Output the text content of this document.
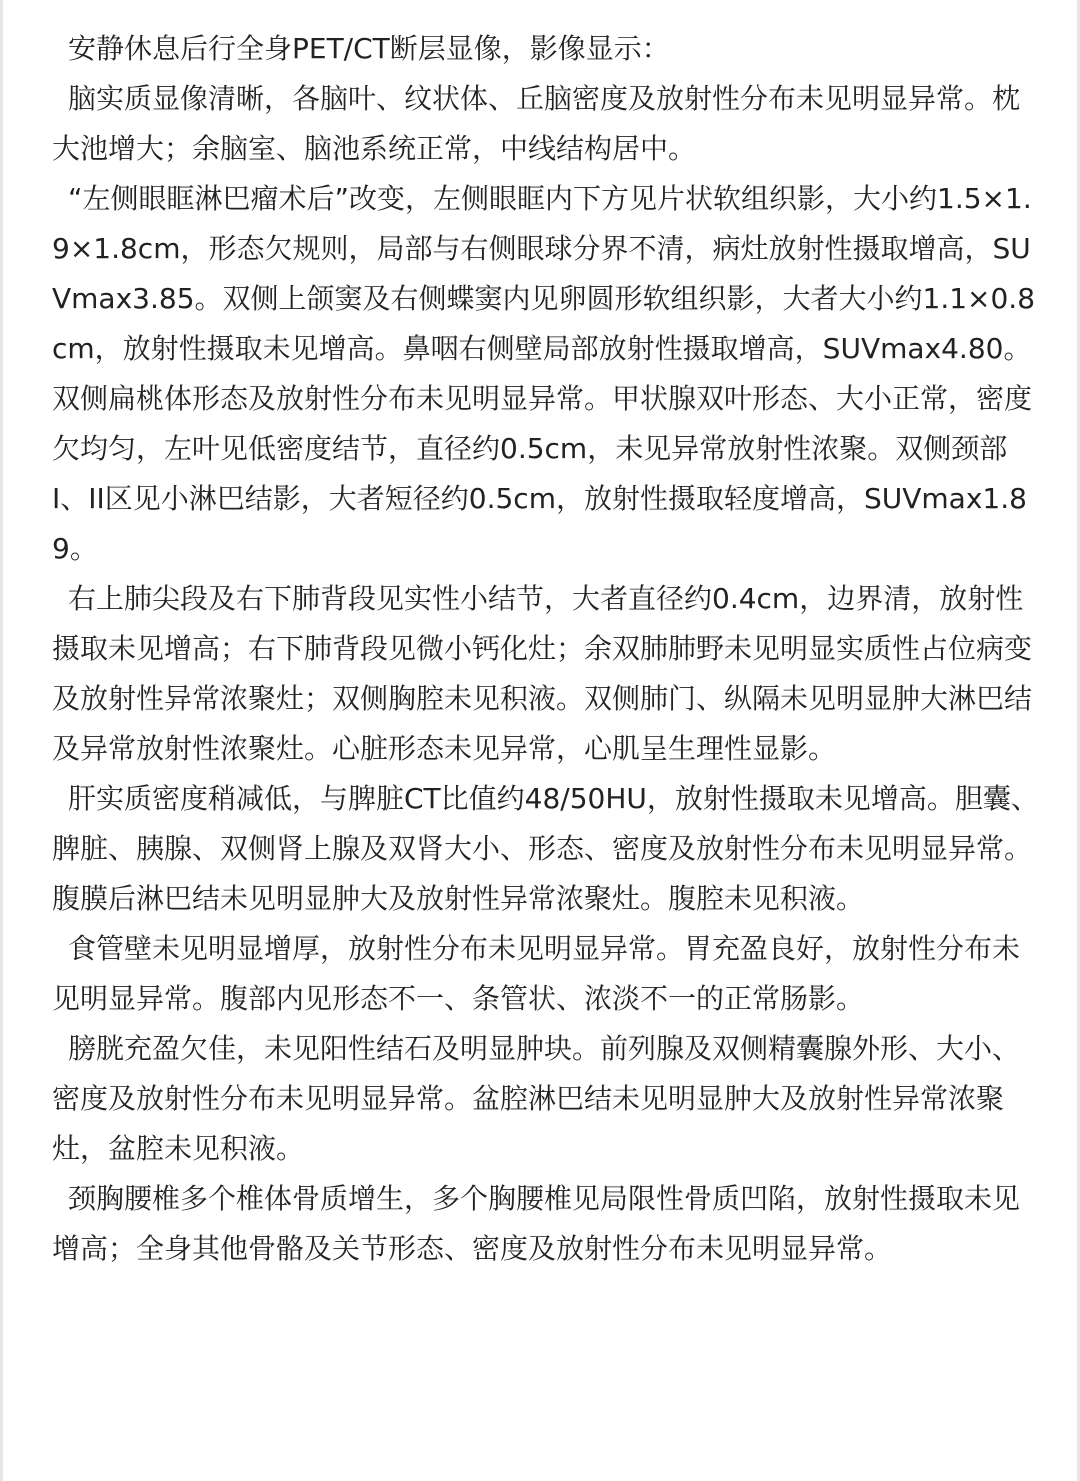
安静休息后行全身PET/CT断层显像，影像显示：

脑实质显像清晰，各脑叶、纹状体、丘脑密度及放射性分布未见明显异常。枕大池增大；余脑室、脑池系统正常，中线结构居中。

“左侧眼眶淋巴瘤术后”改变，左侧眼眶内下方见片状软组织影，大小约1.5×1.9×1.8cm，形态欠规则，局部与右侧眼球分界不清，病灶放射性摄取增高，SUVmax3.85。双侧上颌窦及右侧蝶窦内见卵圆形软组织影，大者大小约1.1×0.8cm，放射性摄取未见增高。鼻咽右侧壁局部放射性摄取增高，SUVmax4.80。双侧扁桃体形态及放射性分布未见明显异常。甲状腺双叶形态、大小正常，密度欠均匀，左叶见低密度结节，直径约0.5cm，未见异常放射性浓聚。双侧颈部I、II区见小淋巴结影，大者短径约0.5cm，放射性摄取轻度增高，SUVmax1.89。

右上肺尖段及右下肺背段见实性小结节，大者直径约0.4cm，边界清，放射性摄取未见增高；右下肺背段见微小钙化灶；余双肺肺野未见明显实质性占位病变及放射性异常浓聚灶；双侧胸腔未见积液。双侧肺门、纵隔未见明显肿大淋巴结及异常放射性浓聚灶。心脏形态未见异常，心肌呈生理性显影。

肝实质密度稍减低，与脾脏CT比值约48/50HU，放射性摄取未见增高。胆囊、脾脏、胰腺、双侧肾上腺及双肾大小、形态、密度及放射性分布未见明显异常。腹膜后淋巴结未见明显肿大及放射性异常浓聚灶。腹腔未见积液。

食管壁未见明显增厚，放射性分布未见明显异常。胃充盈良好，放射性分布未见明显异常。腹部内见形态不一、条管状、浓淡不一的正常肠影。

膀胱充盈欠佳，未见阳性结石及明显肿块。前列腺及双侧精囊腺外形、大小、密度及放射性分布未见明显异常。盆腔淋巴结未见明显肿大及放射性异常浓聚灶，盆腔未见积液。

颈胸腰椎多个椎体骨质增生，多个胸腰椎见局限性骨质凹陷，放射性摄取未见增高；全身其他骨骼及关节形态、密度及放射性分布未见明显异常。
